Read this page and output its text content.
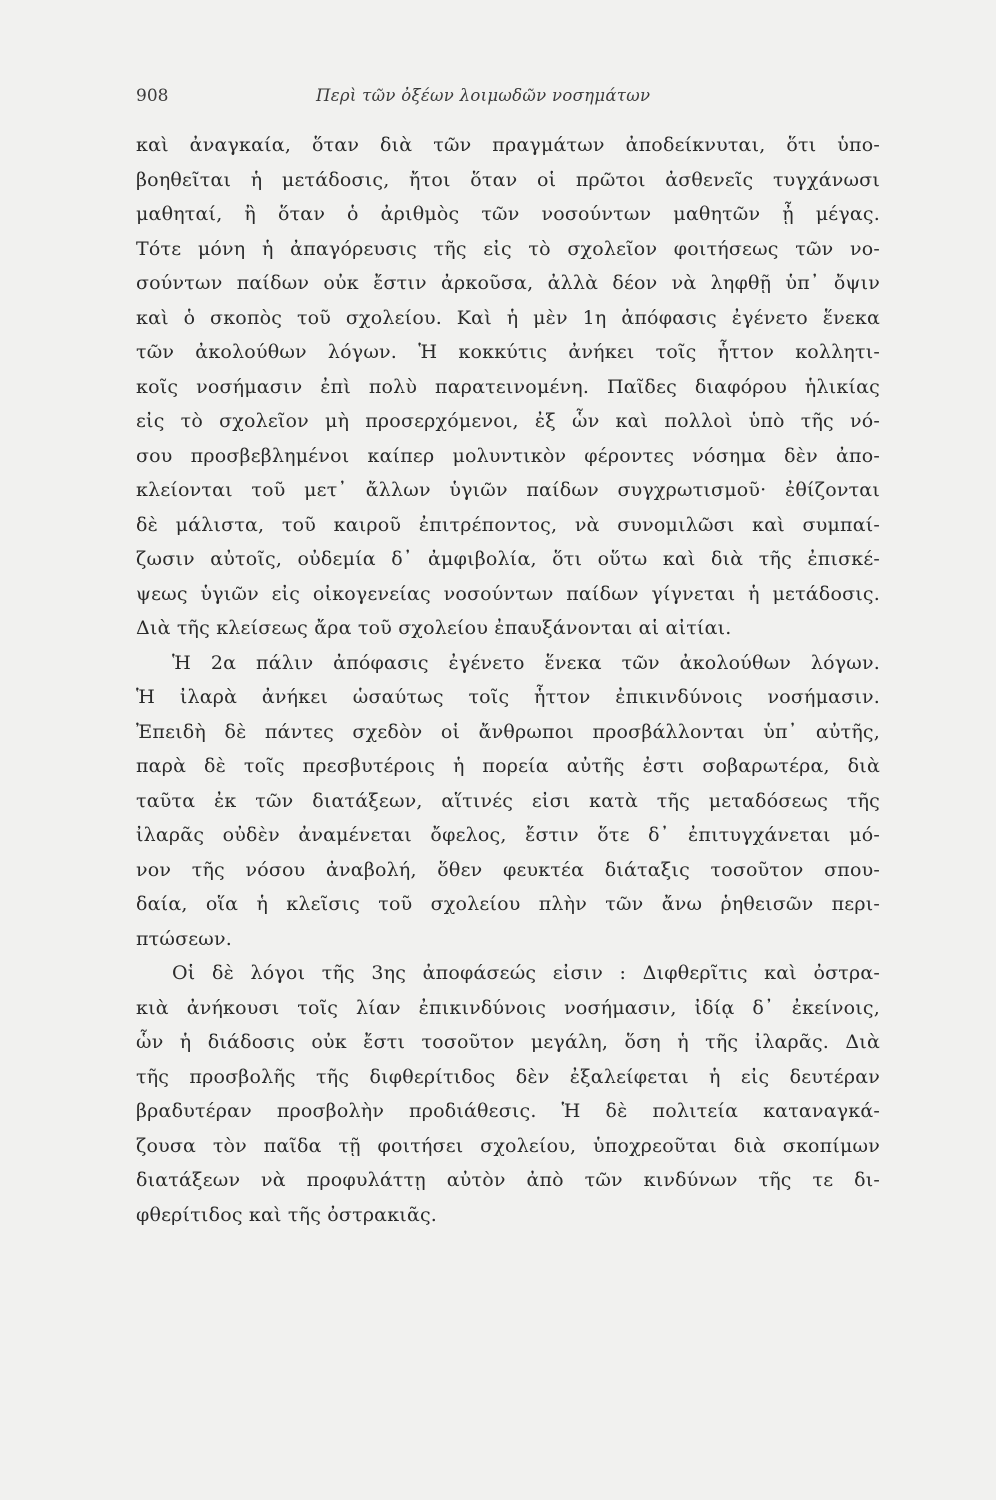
908	Περὶ τῶν ὀξέων λοιμωδῶν νοσημάτων
καὶ ἀναγκαία, ὅταν διὰ τῶν πραγμάτων ἀποδείκνυται, ὅτι ὑπο-
βοηθεῖται ἡ μετάδοσις, ἤτοι ὅταν οἱ πρῶτοι ἀσθενεῖς τυγχάνωσι
μαθηταί, ἢ ὅταν ὁ ἀριθμὸς τῶν νοσούντων μαθητῶν ᾖ μέγας.
Τότε μόνη ἡ ἀπαγόρευσις τῆς εἰς τὸ σχολεῖον φοιτήσεως τῶν νο-
σούντων παίδων οὐκ ἔστιν ἀρκοῦσα, ἀλλὰ δέον νὰ ληφθῇ ὑπ᾽ ὄψιν
καὶ ὁ σκοπὸς τοῦ σχολείου. Καὶ ἡ μὲν 1η ἀπόφασις ἐγένετο ἕνεκα
τῶν ἀκολούθων λόγων. Ἡ κοκκύτις ἀνήκει τοῖς ἧττον κολλητι-
κοῖς νοσήμασιν ἐπὶ πολὺ παρατεινομένη. Παῖδες διαφόρου ἡλικίας
εἰς τὸ σχολεῖον μὴ προσερχόμενοι, ἐξ ὧν καὶ πολλοὶ ὑπὸ τῆς νό-
σου προσβεβλημένοι καίπερ μολυντικὸν φέροντες νόσημα δὲν ἀπο-
κλείονται τοῦ μετ᾽ ἄλλων ὑγιῶν παίδων συγχρωτισμοῦ· ἐθίζονται
δὲ μάλιστα, τοῦ καιροῦ ἐπιτρέποντος, νὰ συνομιλῶσι καὶ συμπαί-
ζωσιν αὐτοῖς, οὐδεμία δ᾽ ἀμφιβολία, ὅτι οὕτω καὶ διὰ τῆς ἐπισκέ-
ψεως ὑγιῶν εἰς οἰκογενείας νοσούντων παίδων γίγνεται ἡ μετάδοσις.
Διὰ τῆς κλείσεως ἄρα τοῦ σχολείου ἐπαυξάνονται αἱ αἰτίαι.
Ἡ 2α πάλιν ἀπόφασις ἐγένετο ἕνεκα τῶν ἀκολούθων λόγων.
Ἡ ἰλαρὰ ἀνήκει ὡσαύτως τοῖς ἧττον ἐπικινδύνοις νοσήμασιν.
Ἐπειδὴ δὲ πάντες σχεδὸν οἱ ἄνθρωποι προσβάλλονται ὑπ᾽ αὐτῆς,
παρὰ δὲ τοῖς πρεσβυτέροις ἡ πορεία αὐτῆς ἐστι σοβαρωτέρα, διὰ
ταῦτα ἐκ τῶν διατάξεων, αἵτινές εἰσι κατὰ τῆς μεταδόσεως τῆς
ἰλαρᾶς οὐδὲν ἀναμένεται ὄφελος, ἔστιν ὅτε δ᾽ ἐπιτυγχάνεται μό-
νον τῆς νόσου ἀναβολή, ὅθεν φευκτέα διάταξις τοσοῦτον σπου-
δαία, οἵα ἡ κλεῖσις τοῦ σχολείου πλὴν τῶν ἄνω ῥηθεισῶν περι-
πτώσεων.
Οἱ δὲ λόγοι τῆς 3ης ἀποφάσεώς εἰσιν : Διφθερῖτις καὶ ὀστρα-
κιὰ ἀνήκουσι τοῖς λίαν ἐπικινδύνοις νοσήμασιν, ἰδίᾳ δ᾽ ἐκείνοις,
ὧν ἡ διάδοσις οὐκ ἔστι τοσοῦτον μεγάλη, ὅση ἡ τῆς ἰλαρᾶς. Διὰ
τῆς προσβολῆς τῆς διφθερίτιδος δὲν ἐξαλείφεται ἡ εἰς δευτέραν
βραδυτέραν προσβολὴν προδιάθεσις. Ἡ δὲ πολιτεία καταναγκά-
ζουσα τὸν παῖδα τῇ φοιτήσει σχολείου, ὑποχρεοῦται διὰ σκοπίμων
διατάξεων νὰ προφυλάττῃ αὐτὸν ἀπὸ τῶν κινδύνων τῆς τε δι-
φθερίτιδος καὶ τῆς ὀστρακιᾶς.
